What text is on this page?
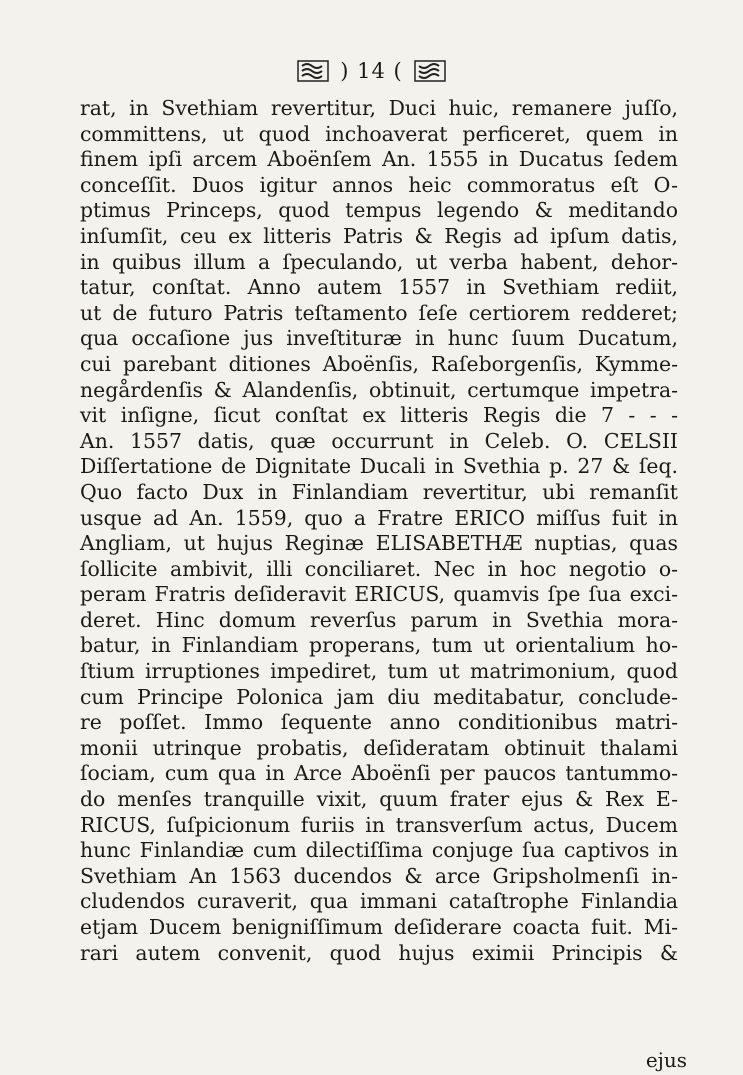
) 14 (
rat, in Svethiam revertitur, Duci huic, remanere juſſo,
committens, ut quod inchoaverat perficeret, quem in
finem ipſi arcem Aboënſem An. 1555 in Ducatus ſedem
conceſſit. Duos igitur annos heic commoratus eſt O-
ptimus Princeps, quod tempus legendo & meditando
inſumſit, ceu ex litteris Patris & Regis ad ipſum datis,
in quibus illum a ſpeculando, ut verba habent, dehor-
tatur, conſtat. Anno autem 1557 in Svethiam rediit,
ut de futuro Patris teſtamento ſeſe certiorem redderet;
qua occaſione jus inveſtituræ in hunc ſuum Ducatum,
cui parebant ditiones Aboënſis, Raſeborgenſis, Kymme-
negårdenſis & Alandenſis, obtinuit, certumque impetra-
vit inſigne, ſicut conſtat ex litteris Regis die 7 - - -
An. 1557 datis, quæ occurrunt in Celeb. O. CELSII
Diſſertatione de Dignitate Ducali in Svethia p. 27 & ſeq.
Quo facto Dux in Finlandiam revertitur, ubi remanſit
usque ad An. 1559, quo a Fratre ERICO miſſus fuit in
Angliam, ut hujus Reginæ ELISABETHÆ nuptias, quas
ſollicite ambivit, illi conciliaret. Nec in hoc negotio o-
peram Fratris deſideravit ERICUS, quamvis ſpe ſua exci-
deret. Hinc domum reverſus parum in Svethia mora-
batur, in Finlandiam properans, tum ut orientalium ho-
ſtium irruptiones impediret, tum ut matrimonium, quod
cum Principe Polonica jam diu meditabatur, conclude-
re poſſet. Immo ſequente anno conditionibus matri-
monii utrinque probatis, deſideratam obtinuit thalami
ſociam, cum qua in Arce Aboënſi per paucos tantummo-
do menſes tranquille vixit, quum frater ejus & Rex E-
RICUS, ſuſpicionum furiis in transverſum actus, Ducem
hunc Finlandiæ cum dilectiſſima conjuge ſua captivos in
Svethiam An 1563 ducendos & arce Gripsholmenſi in-
cludendos curaverit, qua immani cataſtrophe Finlandia
etjam Ducem benigniſſimum deſiderare coacta fuit. Mi-
rari autem convenit, quod hujus eximii Principis &
ejus
